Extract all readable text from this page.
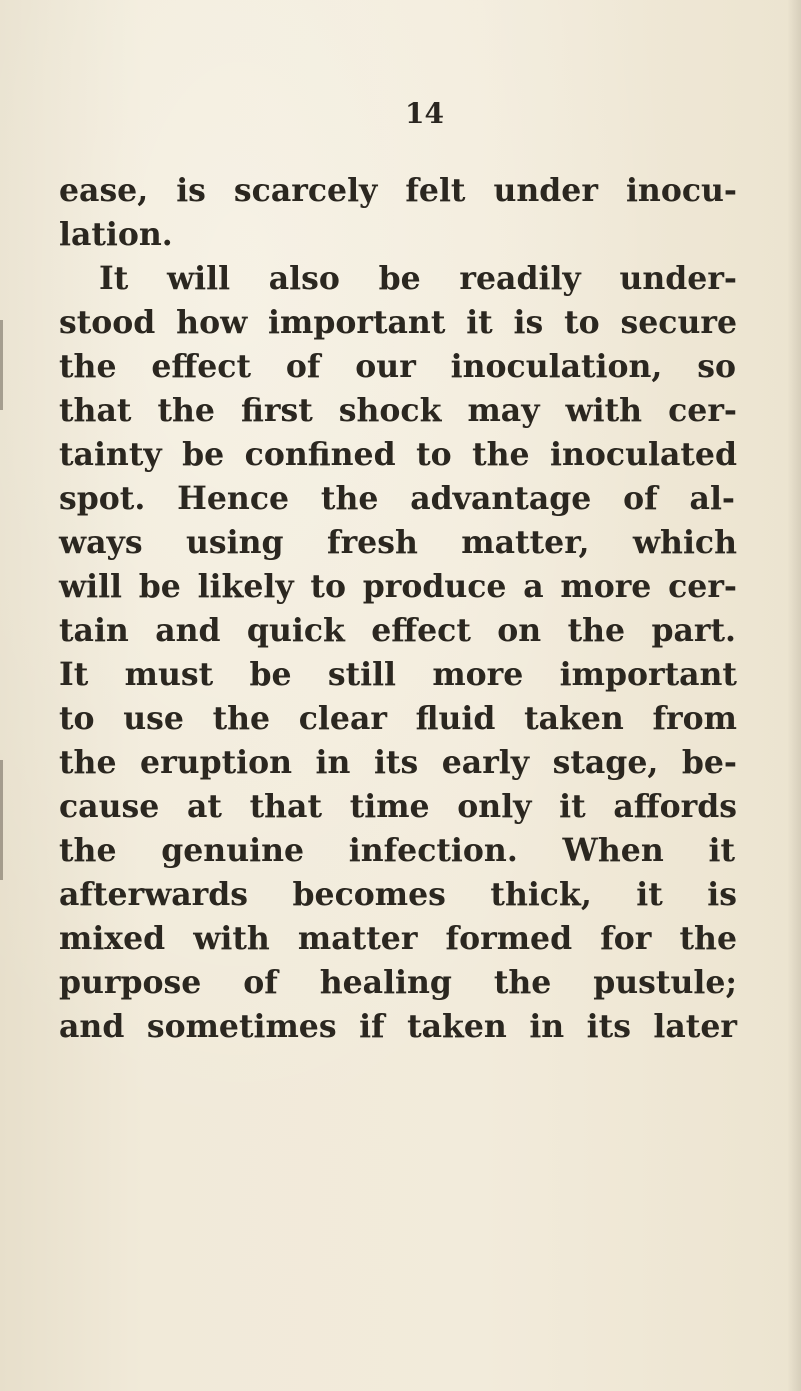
14
ease, is scarcely felt under inocu-
lation.
It will also be readily under-
stood how important it is to secure
the effect of our inoculation, so
that the first shock may with cer-
tainty be confined to the inoculated
spot. Hence the advantage of al-
ways using fresh matter, which
will be likely to produce a more cer-
tain and quick effect on the part.
It must be still more important
to use the clear fluid taken from
the eruption in its early stage, be-
cause at that time only it affords
the genuine infection. When it
afterwards becomes thick, it is
mixed with matter formed for the
purpose of healing the pustule;
and sometimes if taken in its later
